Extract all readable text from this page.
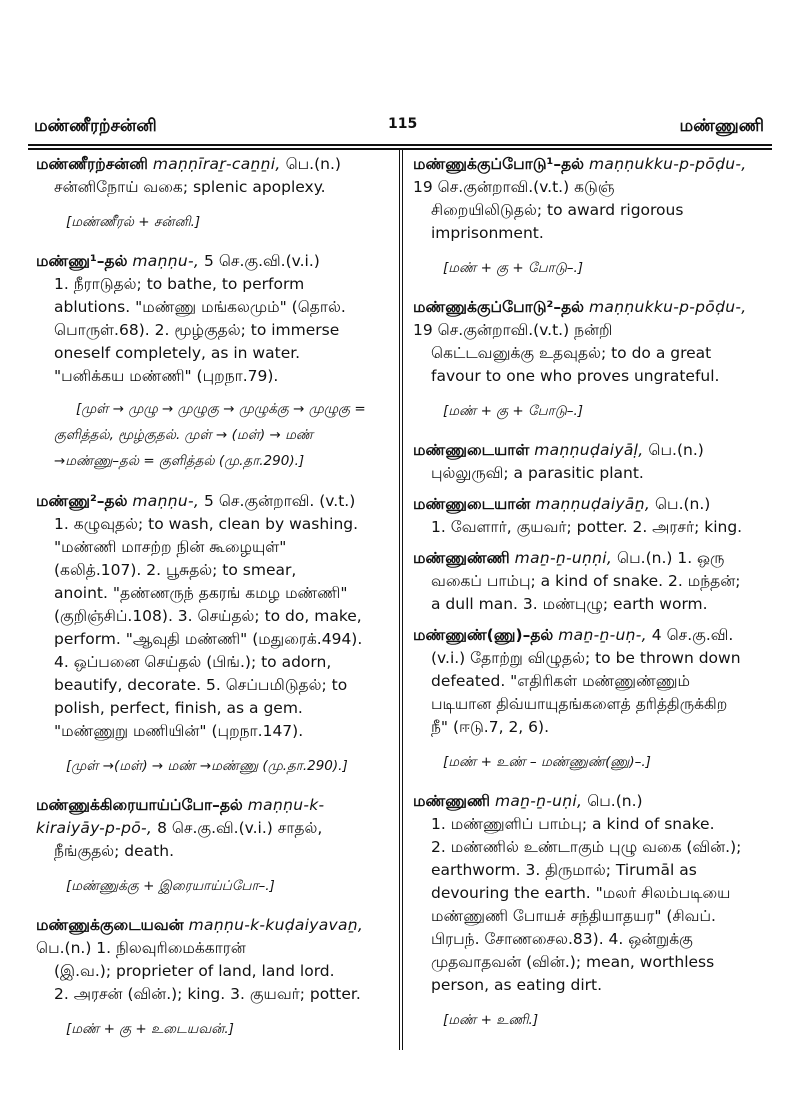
மண்ணீரற்சன்னி	115	மண்ணுணி
மண்ணீரற்சன்னி maṇṇīraṟ-caṉṉi, பெ.(n.)
சன்னிநோய் வகை; splenic apoplexy.
[மண்ணீரல் + சன்னி.]
மண்ணு¹–தல் maṇṇu-, 5 செ.கு.வி.(v.i.)
1. நீராடுதல்; to bathe, to perform
ablutions. "மண்ணு மங்கலமும்" (தொல்.
பொருள்.68). 2. மூழ்குதல்; to immerse
oneself completely, as in water.
"பனிக்கய மண்ணி" (புறநா.79).
[முள் → முழு → முழுகு → முழுக்கு → முழுகு =
குளித்தல், மூழ்குதல். முள் → (மள்) → மண்
→மண்ணு–தல் = குளித்தல் (மு.தா.290).]
மண்ணு²–தல் maṇṇu-, 5 செ.குன்றாவி. (v.t.)
1. கழுவுதல்; to wash, clean by washing.
"மண்ணி மாசற்ற நின் கூழையுள்"
(கலித்.107). 2. பூசுதல்; to smear,
anoint. "தண்ணருந் தகரங் கமழ மண்ணி"
(குறிஞ்சிப்.108). 3. செய்தல்; to do, make,
perform. "ஆவுதி மண்ணி" (மதுரைக்.494).
4. ஒப்பனை செய்தல் (பிங்.); to adorn,
beautify, decorate. 5. செப்பமிடுதல்; to
polish, perfect, finish, as a gem.
"மண்ணுறு மணியின்" (புறநா.147).
[முள் →(மள்) → மண் →மண்ணு (மு.தா.290).]
மண்ணுக்கிரையாய்ப்போ–தல் maṇṇu-k-kiraiyāy-p-pō-, 8 செ.கு.வி.(v.i.) சாதல்,
நீங்குதல்; death.
[மண்ணுக்கு + இரையாய்ப்போ–.]
மண்ணுக்குடையவன் maṇṇu-k-kuḍaiyavaṉ, பெ.(n.) 1. நிலவுரிமைக்காரன்
(இ.வ.); proprieter of land, land lord.
2. அரசன் (வின்.); king. 3. குயவர்; potter.
[மண் + கு + உடையவன்.]
மண்ணுக்குப்போடு¹–தல் maṇṇukku-p-pōḍu-, 19 செ.குன்றாவி.(v.t.) கடுஞ்
சிறையிலிடுதல்; to award rigorous
imprisonment.
[மண் + கு + போடு–.]
மண்ணுக்குப்போடு²–தல் maṇṇukku-p-pōḍu-, 19 செ.குன்றாவி.(v.t.) நன்றி
கெட்டவனுக்கு உதவுதல்; to do a great
favour to one who proves ungrateful.
[மண் + கு + போடு–.]
மண்ணுடையாள் maṇṇuḍaiyāḷ, பெ.(n.)
புல்லுருவி; a parasitic plant.
மண்ணுடையான் maṇṇuḍaiyāṉ, பெ.(n.)
1. வேளார், குயவர்; potter. 2. அரசர்; king.
மண்ணுண்ணி maṉ-ṉ-uṇṇi, பெ.(n.) 1. ஒரு
வகைப் பாம்பு; a kind of snake. 2. மந்தன்;
a dull man. 3. மண்புழு; earth worm.
மண்ணுண்(ணு)–தல் maṉ-ṉ-uṇ-, 4 செ.கு.வி.
(v.i.) தோற்று விழுதல்; to be thrown down
defeated. "எதிரிகள் மண்ணுண்ணும்
படியான திவ்யாயுதங்களைத் தரித்திருக்கிற
நீ" (ஈடு.7, 2, 6).
[மண் + உண் – மண்ணுண்(ணு)–.]
மண்ணுணி maṉ-ṉ-uṇi, பெ.(n.)
1. மண்ணுளிப் பாம்பு; a kind of snake.
2. மண்ணில் உண்டாகும் புழு வகை (வின்.);
earthworm. 3. திருமால்; Tirumāl as
devouring the earth. "மலர் சிலம்படியை
மண்ணுணி போயச் சந்தியாதயர" (சிவப்.
பிரபந். சோணசைல.83). 4. ஒன்றுக்கு
முதவாதவன் (வின்.); mean, worthless
person, as eating dirt.
[மண் + உணி.]
